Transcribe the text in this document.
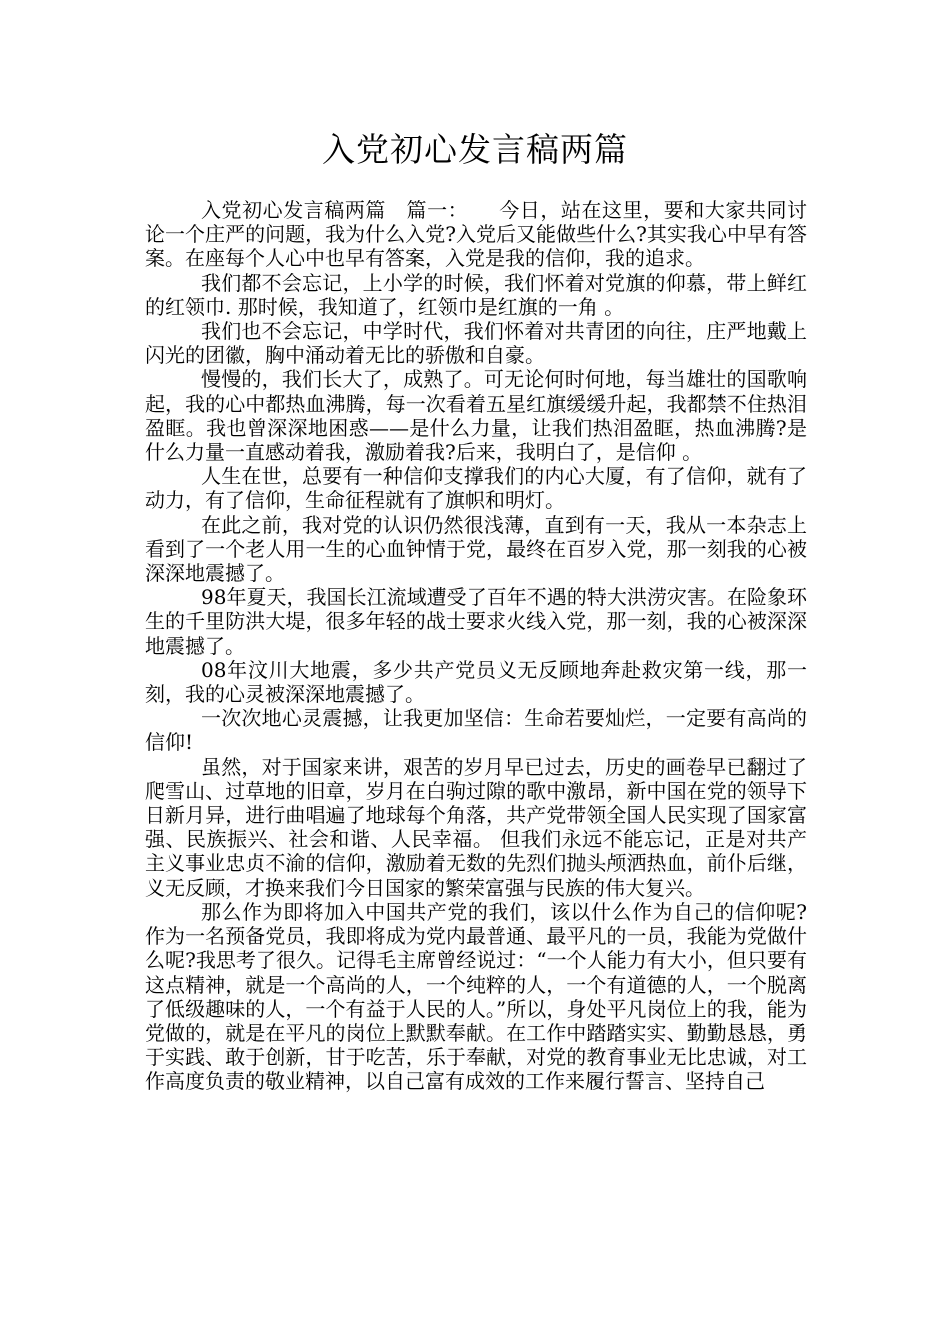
入党初心发言稿两篇

入党初心发言稿两篇　篇一：　　今日，站在这里，要和大家共同讨论一个庄严的问题，我为什么入党?入党后又能做些什么?其实我心中早有答案。在座每个人心中也早有答案，入党是我的信仰，我的追求。

我们都不会忘记，上小学的时候，我们怀着对党旗的仰慕，带上鲜红的红领巾. 那时候，我知道了，红领巾是红旗的一角 。

我们也不会忘记，中学时代，我们怀着对共青团的向往，庄严地戴上闪光的团徽，胸中涌动着无比的骄傲和自豪。

慢慢的，我们长大了，成熟了。可无论何时何地，每当雄壮的国歌响起，我的心中都热血沸腾，每一次看着五星红旗缓缓升起，我都禁不住热泪盈眶。我也曾深深地困惑——是什么力量，让我们热泪盈眶，热血沸腾?是什么力量一直感动着我，激励着我?后来，我明白了，是信仰 。

人生在世，总要有一种信仰支撑我们的内心大厦，有了信仰，就有了动力，有了信仰，生命征程就有了旗帜和明灯。

在此之前，我对党的认识仍然很浅薄，直到有一天，我从一本杂志上看到了一个老人用一生的心血钟情于党，最终在百岁入党，那一刻我的心被深深地震撼了。

98年夏天，我国长江流域遭受了百年不遇的特大洪涝灾害。在险象环生的千里防洪大堤，很多年轻的战士要求火线入党，那一刻，我的心被深深地震撼了。

08年汶川大地震，多少共产党员义无反顾地奔赴救灾第一线，那一刻，我的心灵被深深地震撼了。

一次次地心灵震撼，让我更加坚信：生命若要灿烂，一定要有高尚的信仰!

虽然，对于国家来讲，艰苦的岁月早已过去，历史的画卷早已翻过了爬雪山、过草地的旧章，岁月在白驹过隙的歌中激昂，新中国在党的领导下日新月异，进行曲唱遍了地球每个角落，共产党带领全国人民实现了国家富强、民族振兴、社会和谐、人民幸福。 但我们永远不能忘记，正是对共产主义事业忠贞不渝的信仰，激励着无数的先烈们抛头颅洒热血，前仆后继，义无反顾，才换来我们今日国家的繁荣富强与民族的伟大复兴。

那么作为即将加入中国共产党的我们，该以什么作为自己的信仰呢?作为一名预备党员，我即将成为党内最普通、最平凡的一员，我能为党做什么呢?我思考了很久。记得毛主席曾经说过：“一个人能力有大小，但只要有这点精神，就是一个高尚的人，一个纯粹的人，一个有道德的人，一个脱离了低级趣味的人，一个有益于人民的人。”所以，身处平凡岗位上的我，能为党做的，就是在平凡的岗位上默默奉献。在工作中踏踏实实、勤勤恳恳，勇于实践、敢于创新，甘于吃苦，乐于奉献，对党的教育事业无比忠诚，对工作高度负责的敬业精神，以自己富有成效的工作来履行誓言、坚持自己
